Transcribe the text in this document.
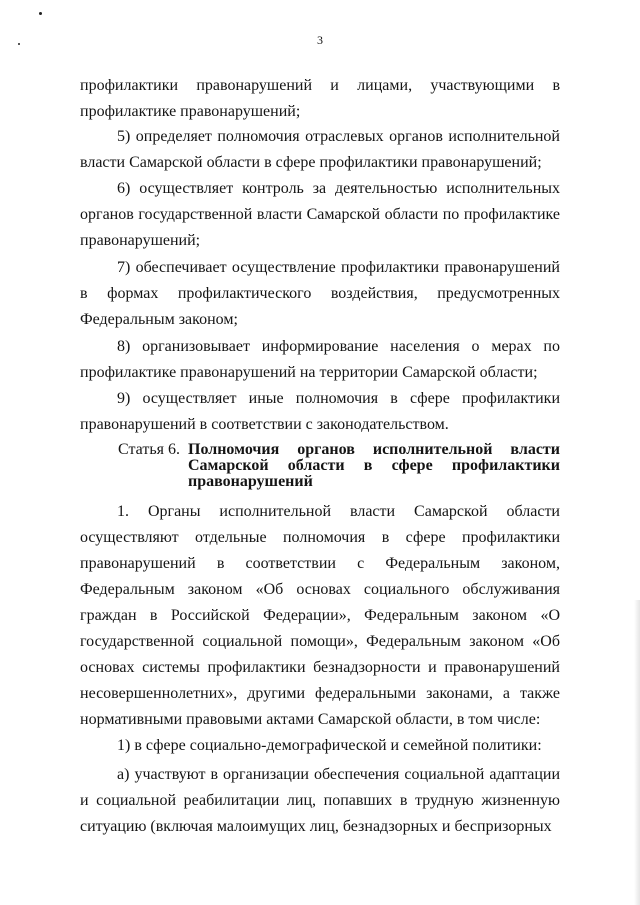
3

профилактики правонарушений и лицами, участвующими в профилактике правонарушений;

5) определяет полномочия отраслевых органов исполнительной власти Самарской области в сфере профилактики правонарушений;

6) осуществляет контроль за деятельностью исполнительных органов государственной власти Самарской области по профилактике правонарушений;

7) обеспечивает осуществление профилактики правонарушений в формах профилактического воздействия, предусмотренных Федеральным законом;

8) организовывает информирование населения о мерах по профилактике правонарушений на территории Самарской области;

9) осуществляет иные полномочия в сфере профилактики правонарушений в соответствии с законодательством.

Статья 6. Полномочия органов исполнительной власти Самарской области в сфере профилактики правонарушений

1. Органы исполнительной власти Самарской области осуществляют отдельные полномочия в сфере профилактики правонарушений в соответствии с Федеральным законом, Федеральным законом «Об основах социального обслуживания граждан в Российской Федерации», Федеральным законом «О государственной социальной помощи», Федеральным законом «Об основах системы профилактики безнадзорности и правонарушений несовершеннолетних», другими федеральными законами, а также нормативными правовыми актами Самарской области, в том числе:

1) в сфере социально-демографической и семейной политики:

а) участвуют в организации обеспечения социальной адаптации и социальной реабилитации лиц, попавших в трудную жизненную ситуацию (включая малоимущих лиц, безнадзорных и беспризорных
